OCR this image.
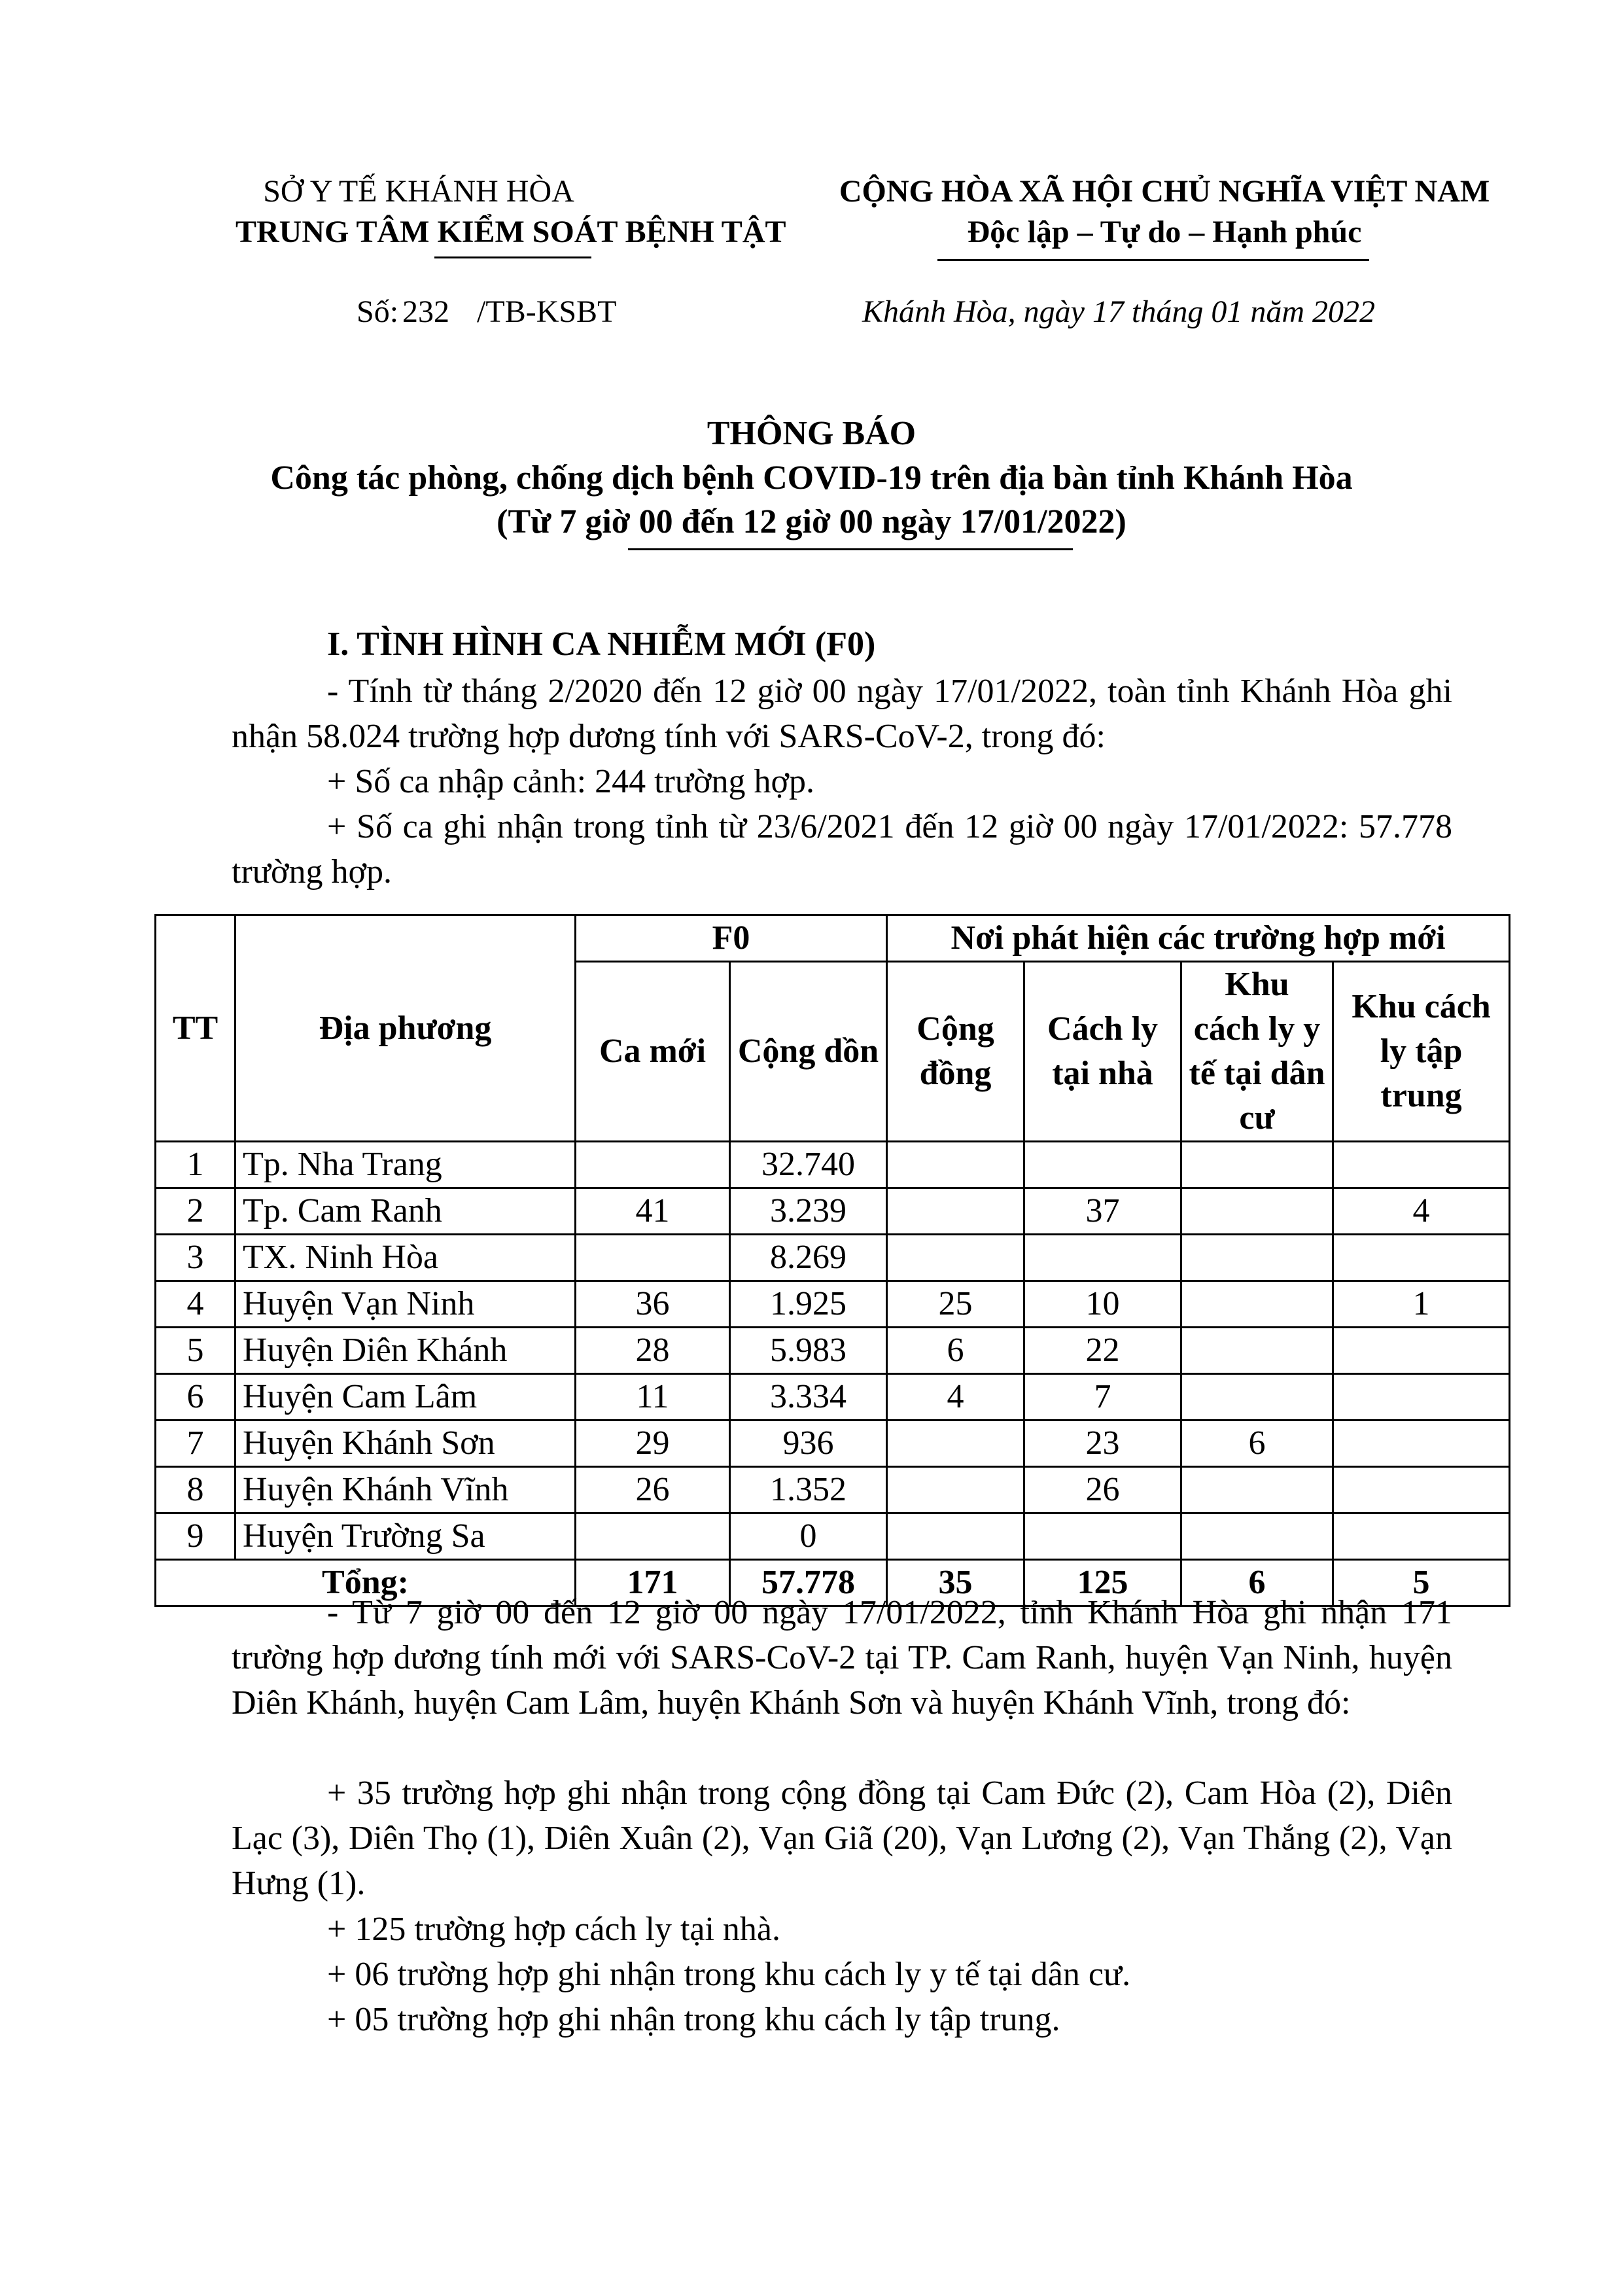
SỞ Y TẾ KHÁNH HÒA
TRUNG TÂM KIỂM SOÁT BỆNH TẬT
CỘNG HÒA XÃ HỘI CHỦ NGHĨA VIỆT NAM
Độc lập – Tự do – Hạnh phúc
Số: 232 /TB-KSBT	Khánh Hòa, ngày 17 tháng 01 năm 2022
THÔNG BÁO
Công tác phòng, chống dịch bệnh COVID-19 trên địa bàn tỉnh Khánh Hòa
(Từ 7 giờ 00 đến 12 giờ 00 ngày 17/01/2022)
I. TÌNH HÌNH CA NHIỄM MỚI (F0)
- Tính từ tháng 2/2020 đến 12 giờ 00 ngày 17/01/2022, toàn tỉnh Khánh Hòa ghi nhận 58.024 trường hợp dương tính với SARS-CoV-2, trong đó:
+ Số ca nhập cảnh: 244 trường hợp.
+ Số ca ghi nhận trong tỉnh từ 23/6/2021 đến 12 giờ 00 ngày 17/01/2022: 57.778 trường hợp.
TT	Địa phương	F0		Nơi phát hiện các trường hợp mới			
		Ca mới	Cộng dồn	Cộng đồng	Cách ly tại nhà	Khu cách ly y tế tại dân cư	Khu cách ly tập trung
1	Tp. Nha Trang		32.740				
2	Tp. Cam Ranh	41	3.239		37		4
3	TX. Ninh Hòa		8.269				
4	Huyện Vạn Ninh	36	1.925	25	10		1
5	Huyện Diên Khánh	28	5.983	6	22		
6	Huyện Cam Lâm	11	3.334	4	7		
7	Huyện Khánh Sơn	29	936		23	6	
8	Huyện Khánh Vĩnh	26	1.352		26		
9	Huyện Trường Sa		0				
Tổng:		171	57.778	35	125	6	5
- Từ 7 giờ 00 đến 12 giờ 00 ngày 17/01/2022, tỉnh Khánh Hòa ghi nhận 171 trường hợp dương tính mới với SARS-CoV-2 tại TP. Cam Ranh, huyện Vạn Ninh, huyện Diên Khánh, huyện Cam Lâm, huyện Khánh Sơn và huyện Khánh Vĩnh, trong đó:
+ 35 trường hợp ghi nhận trong cộng đồng tại Cam Đức (2), Cam Hòa (2), Diên Lạc (3), Diên Thọ (1), Diên Xuân (2), Vạn Giã (20), Vạn Lương (2), Vạn Thắng (2), Vạn Hưng (1).
+ 125 trường hợp cách ly tại nhà.
+ 06 trường hợp ghi nhận trong khu cách ly y tế tại dân cư.
+ 05 trường hợp ghi nhận trong khu cách ly tập trung.
